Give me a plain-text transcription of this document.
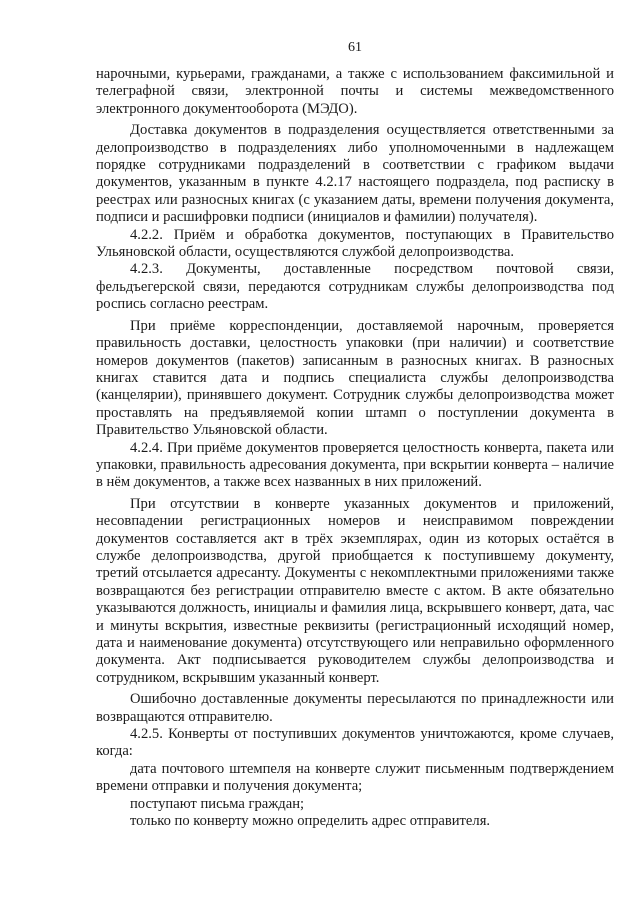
61

нарочными, курьерами, гражданами, а также с использованием факсимильной и телеграфной связи, электронной почты и системы межведомственного электронного документооборота (МЭДО).

Доставка документов в подразделения осуществляется ответственными за делопроизводство в подразделениях либо уполномоченными в надлежащем порядке сотрудниками подразделений в соответствии с графиком выдачи документов, указанным в пункте 4.2.17 настоящего подраздела, под расписку в реестрах или разносных книгах (с указанием даты, времени получения документа, подписи и расшифровки подписи (инициалов и фамилии) получателя).

4.2.2. Приём и обработка документов, поступающих в Правительство Ульяновской области, осуществляются службой делопроизводства.

4.2.3. Документы, доставленные посредством почтовой связи, фельдъегерской связи, передаются сотрудникам службы делопроизводства под роспись согласно реестрам.

При приёме корреспонденции, доставляемой нарочным, проверяется правильность доставки, целостность упаковки (при наличии) и соответствие номеров документов (пакетов) записанным в разносных книгах. В разносных книгах ставится дата и подпись специалиста службы делопроизводства (канцелярии), принявшего документ. Сотрудник службы делопроизводства может проставлять на предъявляемой копии штамп о поступлении документа в Правительство Ульяновской области.

4.2.4. При приёме документов проверяется целостность конверта, пакета или упаковки, правильность адресования документа, при вскрытии конверта – наличие в нём документов, а также всех названных в них приложений.

При отсутствии в конверте указанных документов и приложений, несовпадении регистрационных номеров и неисправимом повреждении документов составляется акт в трёх экземплярах, один из которых остаётся в службе делопроизводства, другой приобщается к поступившему документу, третий отсылается адресанту. Документы с некомплектными приложениями также возвращаются без регистрации отправителю вместе с актом. В акте обязательно указываются должность, инициалы и фамилия лица, вскрывшего конверт, дата, час и минуты вскрытия, известные реквизиты (регистрационный исходящий номер, дата и наименование документа) отсутствующего или неправильно оформленного документа. Акт подписывается руководителем службы делопроизводства и сотрудником, вскрывшим указанный конверт.

Ошибочно доставленные документы пересылаются по принадлежности или возвращаются отправителю.

4.2.5. Конверты от поступивших документов уничтожаются, кроме случаев, когда:

дата почтового штемпеля на конверте служит письменным подтверждением времени отправки и получения документа;

поступают письма граждан;

только по конверту можно определить адрес отправителя.
